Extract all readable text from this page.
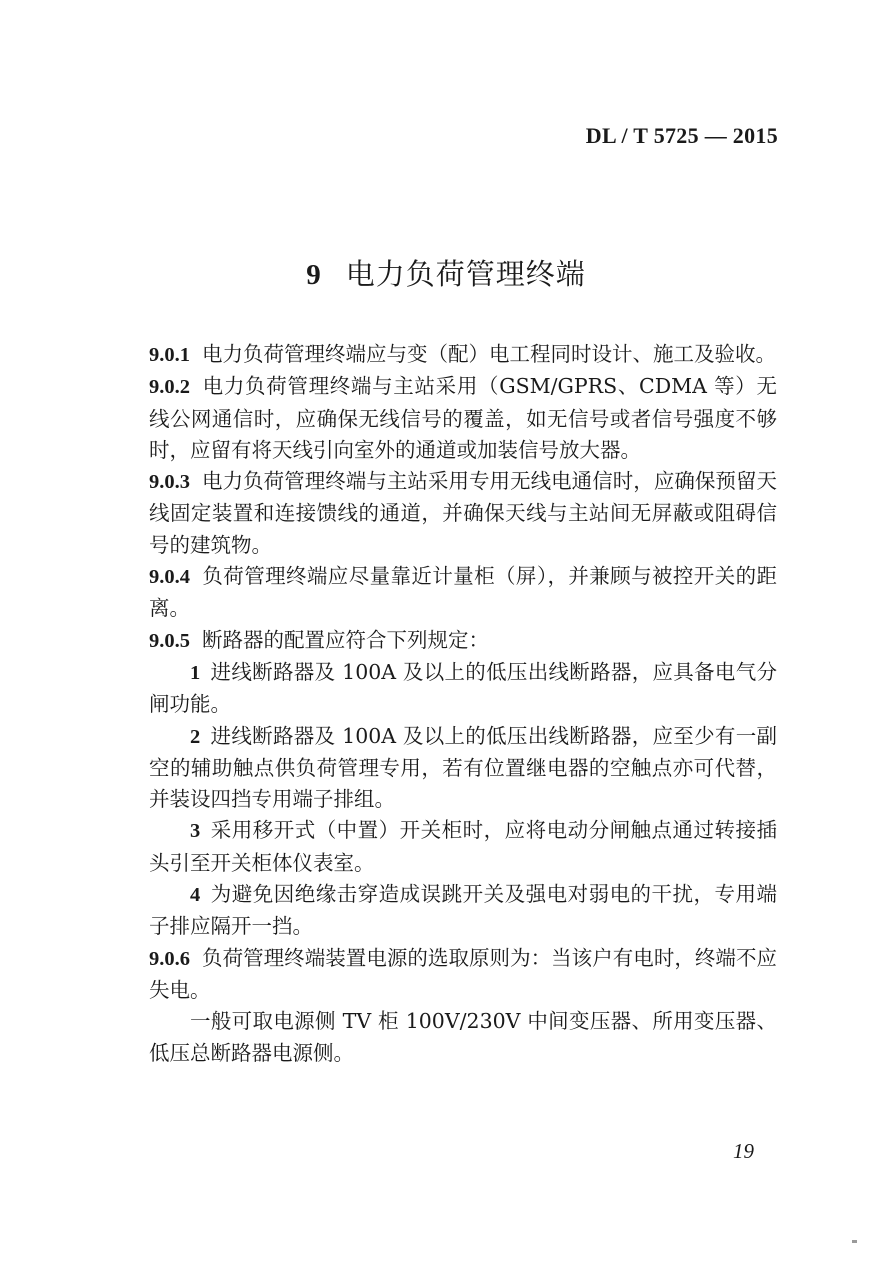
DL / T 5725 — 2015
9 电力负荷管理终端

9.0.1 电力负荷管理终端应与变（配）电工程同时设计、施工及验收。

9.0.2 电力负荷管理终端与主站采用（GSM/GPRS、CDMA 等）无线公网通信时，应确保无线信号的覆盖，如无信号或者信号强度不够时，应留有将天线引向室外的通道或加装信号放大器。

9.0.3 电力负荷管理终端与主站采用专用无线电通信时，应确保预留天线固定装置和连接馈线的通道，并确保天线与主站间无屏蔽或阻碍信号的建筑物。

9.0.4 负荷管理终端应尽量靠近计量柜（屏），并兼顾与被控开关的距离。

9.0.5 断路器的配置应符合下列规定：

1 进线断路器及 100A 及以上的低压出线断路器，应具备电气分闸功能。

2 进线断路器及 100A 及以上的低压出线断路器，应至少有一副空的辅助触点供负荷管理专用，若有位置继电器的空触点亦可代替，并装设四挡专用端子排组。

3 采用移开式（中置）开关柜时，应将电动分闸触点通过转接插头引至开关柜体仪表室。

4 为避免因绝缘击穿造成误跳开关及强电对弱电的干扰，专用端子排应隔开一挡。

9.0.6 负荷管理终端装置电源的选取原则为：当该户有电时，终端不应失电。

一般可取电源侧 TV 柜 100V/230V 中间变压器、所用变压器、低压总断路器电源侧。

19
